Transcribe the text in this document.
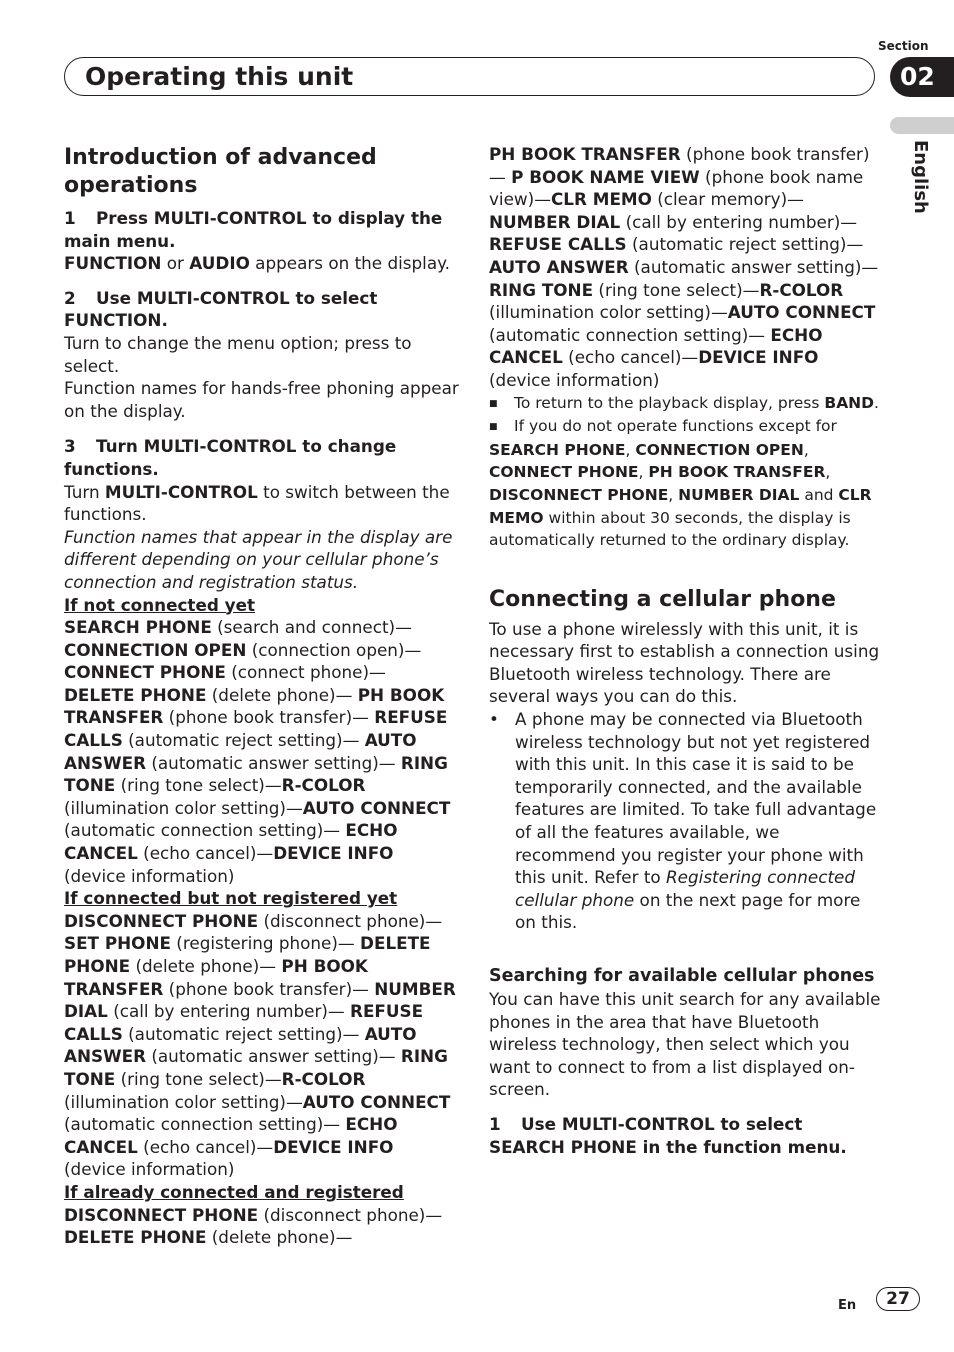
Section
02
Operating this unit
English
Introduction of advanced operations

1 Press MULTI-CONTROL to display the main menu.

FUNCTION or AUDIO appears on the display.

2 Use MULTI-CONTROL to select FUNCTION.

Turn to change the menu option; press to select.

Function names for hands-free phoning appear on the display.

3 Turn MULTI-CONTROL to change functions.

Turn MULTI-CONTROL to switch between the functions.

Function names that appear in the display are different depending on your cellular phone’s connection and registration status.

If not connected yet

SEARCH PHONE (search and connect)— CONNECTION OPEN (connection open)— CONNECT PHONE (connect phone)— DELETE PHONE (delete phone)— PH BOOK TRANSFER (phone book transfer)— REFUSE CALLS (automatic reject setting)— AUTO ANSWER (automatic answer setting)— RING TONE (ring tone select)—R-COLOR (illumination color setting)—AUTO CONNECT (automatic connection setting)— ECHO CANCEL (echo cancel)—DEVICE INFO (device information)

If connected but not registered yet

DISCONNECT PHONE (disconnect phone)— SET PHONE (registering phone)— DELETE PHONE (delete phone)— PH BOOK TRANSFER (phone book transfer)— NUMBER DIAL (call by entering number)— REFUSE CALLS (automatic reject setting)— AUTO ANSWER (automatic answer setting)— RING TONE (ring tone select)—R-COLOR (illumination color setting)—AUTO CONNECT (automatic connection setting)— ECHO CANCEL (echo cancel)—DEVICE INFO (device information)

If already connected and registered

DISCONNECT PHONE (disconnect phone)— DELETE PHONE (delete phone)—

PH BOOK TRANSFER (phone book transfer)— P BOOK NAME VIEW (phone book name view)—CLR MEMO (clear memory)— NUMBER DIAL (call by entering number)— REFUSE CALLS (automatic reject setting)— AUTO ANSWER (automatic answer setting)— RING TONE (ring tone select)—R-COLOR (illumination color setting)—AUTO CONNECT (automatic connection setting)— ECHO CANCEL (echo cancel)—DEVICE INFO (device information)

■ To return to the playback display, press BAND.

■ If you do not operate functions except for SEARCH PHONE, CONNECTION OPEN, CONNECT PHONE, PH BOOK TRANSFER, DISCONNECT PHONE, NUMBER DIAL and CLR MEMO within about 30 seconds, the display is automatically returned to the ordinary display.

Connecting a cellular phone

To use a phone wirelessly with this unit, it is necessary first to establish a connection using Bluetooth wireless technology. There are several ways you can do this.

• A phone may be connected via Bluetooth wireless technology but not yet registered with this unit. In this case it is said to be temporarily connected, and the available features are limited. To take full advantage of all the features available, we recommend you register your phone with this unit. Refer to Registering connected cellular phone on the next page for more on this.

Searching for available cellular phones

You can have this unit search for any available phones in the area that have Bluetooth wireless technology, then select which you want to connect to from a list displayed on-screen.

1 Use MULTI-CONTROL to select SEARCH PHONE in the function menu.

En	27
